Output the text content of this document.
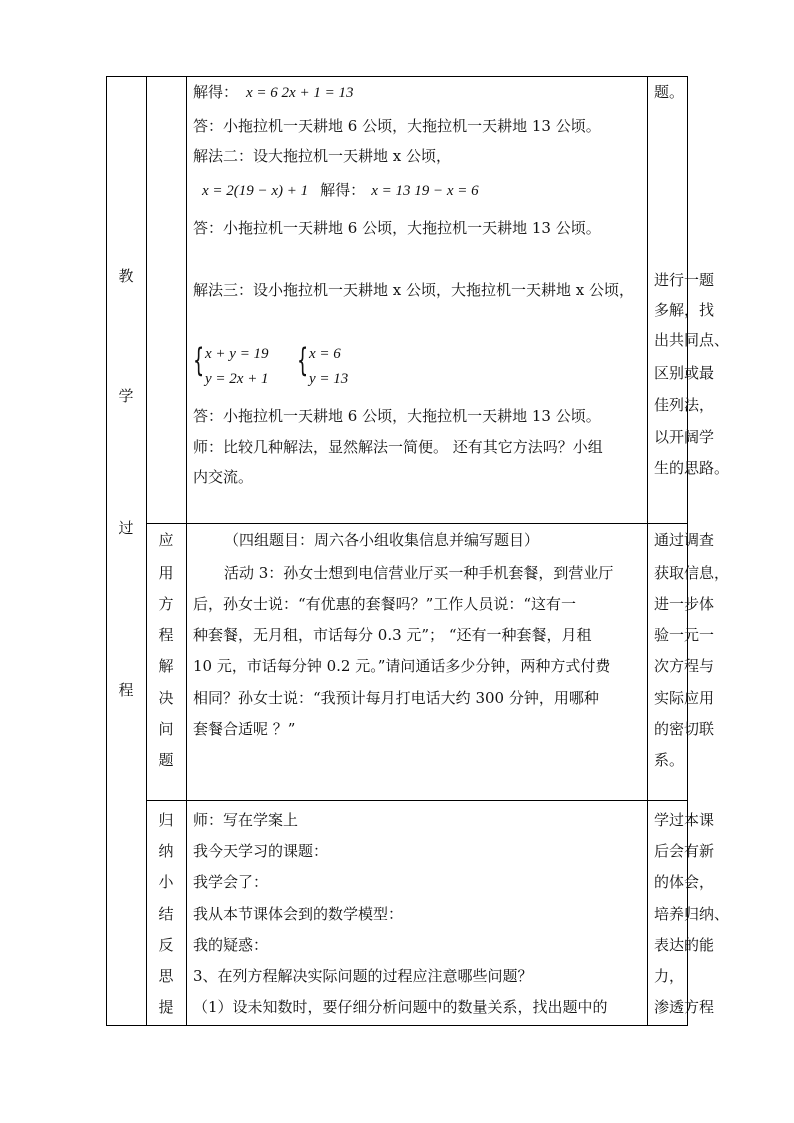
教
学
过
程
解得： x = 6 2x + 1 = 13
答：小拖拉机一天耕地 6 公顷，大拖拉机一天耕地 13 公顷。
解法二：设大拖拉机一天耕地 x 公顷，
x = 2(19 − x) + 1 解得： x = 13 19 − x = 6
答：小拖拉机一天耕地 6 公顷，大拖拉机一天耕地 13 公顷。
解法三：设小拖拉机一天耕地 x 公顷，大拖拉机一天耕地 x 公顷，
{ x + y = 19
y = 2x + 1 { x = 6
y = 13
答：小拖拉机一天耕地 6 公顷，大拖拉机一天耕地 13 公顷。
师：比较几种解法，显然解法一简便。 还有其它方法吗？小组
内交流。
题。
进行一题
多解，找
出共同点、
区别或最
佳列法，
以开阔学
生的思路。
应
用
方
程
解
决
问
题
（四组题目：周六各小组收集信息并编写题目）
活动 3：孙女士想到电信营业厅买一种手机套餐，到营业厅
后，孙女士说：“有优惠的套餐吗？”工作人员说：“这有一
种套餐，无月租，市话每分 0.3 元”； “还有一种套餐，月租
10 元，市话每分钟 0.2 元。”请问通话多少分钟，两种方式付费
相同？孙女士说：“我预计每月打电话大约 300 分钟，用哪种
套餐合适呢 ？”
通过调查
获取信息，
进一步体
验一元一
次方程与
实际应用
的密切联
系。
归
纳
小
结
反
思
提
师：写在学案上
我今天学习的课题：
我学会了：
我从本节课体会到的数学模型：
我的疑惑：
3、在列方程解决实际问题的过程应注意哪些问题？
（1）设未知数时，要仔细分析问题中的数量关系，找出题中的
学过本课
后会有新
的体会，
培养归纳、
表达的能
力，
渗透方程
